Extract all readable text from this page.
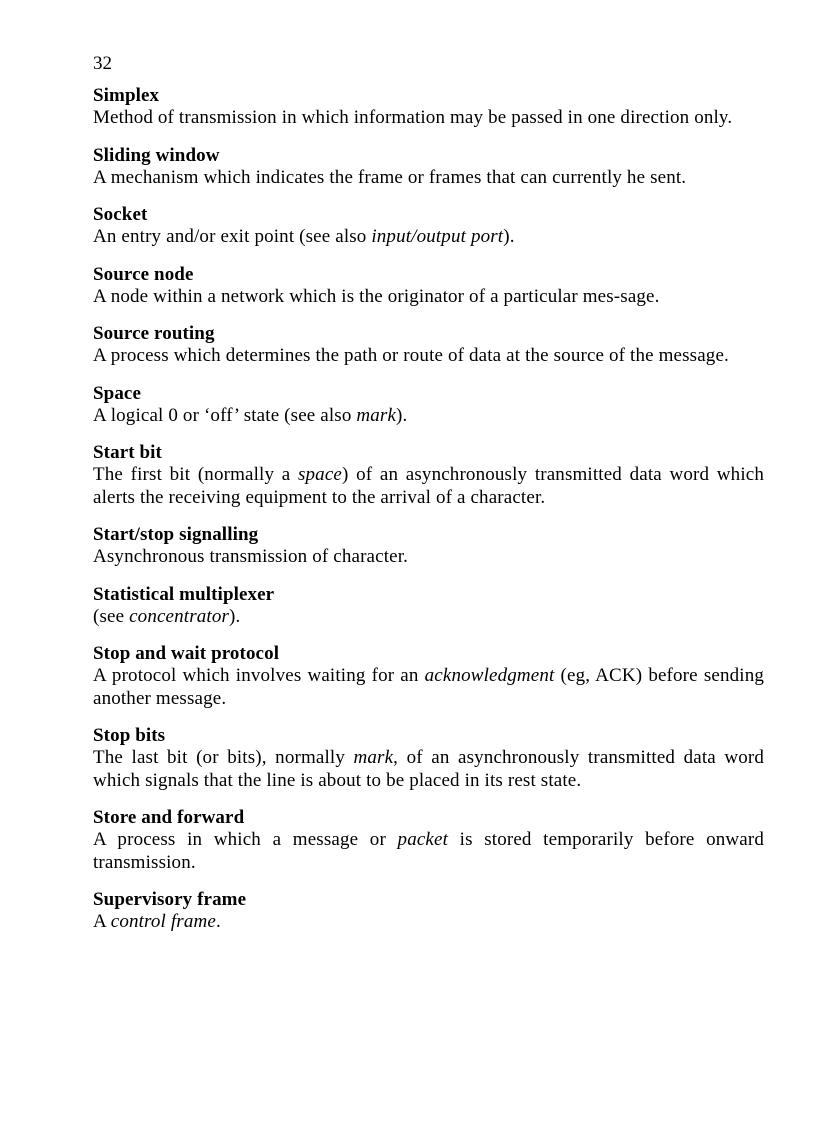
32
Simplex
Method of transmission in which information may be passed in one direction only.
Sliding window
A mechanism which indicates the frame or frames that can currently he sent.
Socket
An entry and/or exit point (see also input/output port).
Source node
A node within a network which is the originator of a particular mes-sage.
Source routing
A process which determines the path or route of data at the source of the message.
Space
A logical 0 or ‘off’ state (see also mark).
Start bit
The first bit (normally a space) of an asynchronously transmitted data word which alerts the receiving equipment to the arrival of a character.
Start/stop signalling
Asynchronous transmission of character.
Statistical multiplexer
(see concentrator).
Stop and wait protocol
A protocol which involves waiting for an acknowledgment (eg, ACK) before sending another message.
Stop bits
The last bit (or bits), normally mark, of an asynchronously transmitted data word which signals that the line is about to be placed in its rest state.
Store and forward
A process in which a message or packet is stored temporarily before onward transmission.
Supervisory frame
A control frame.
